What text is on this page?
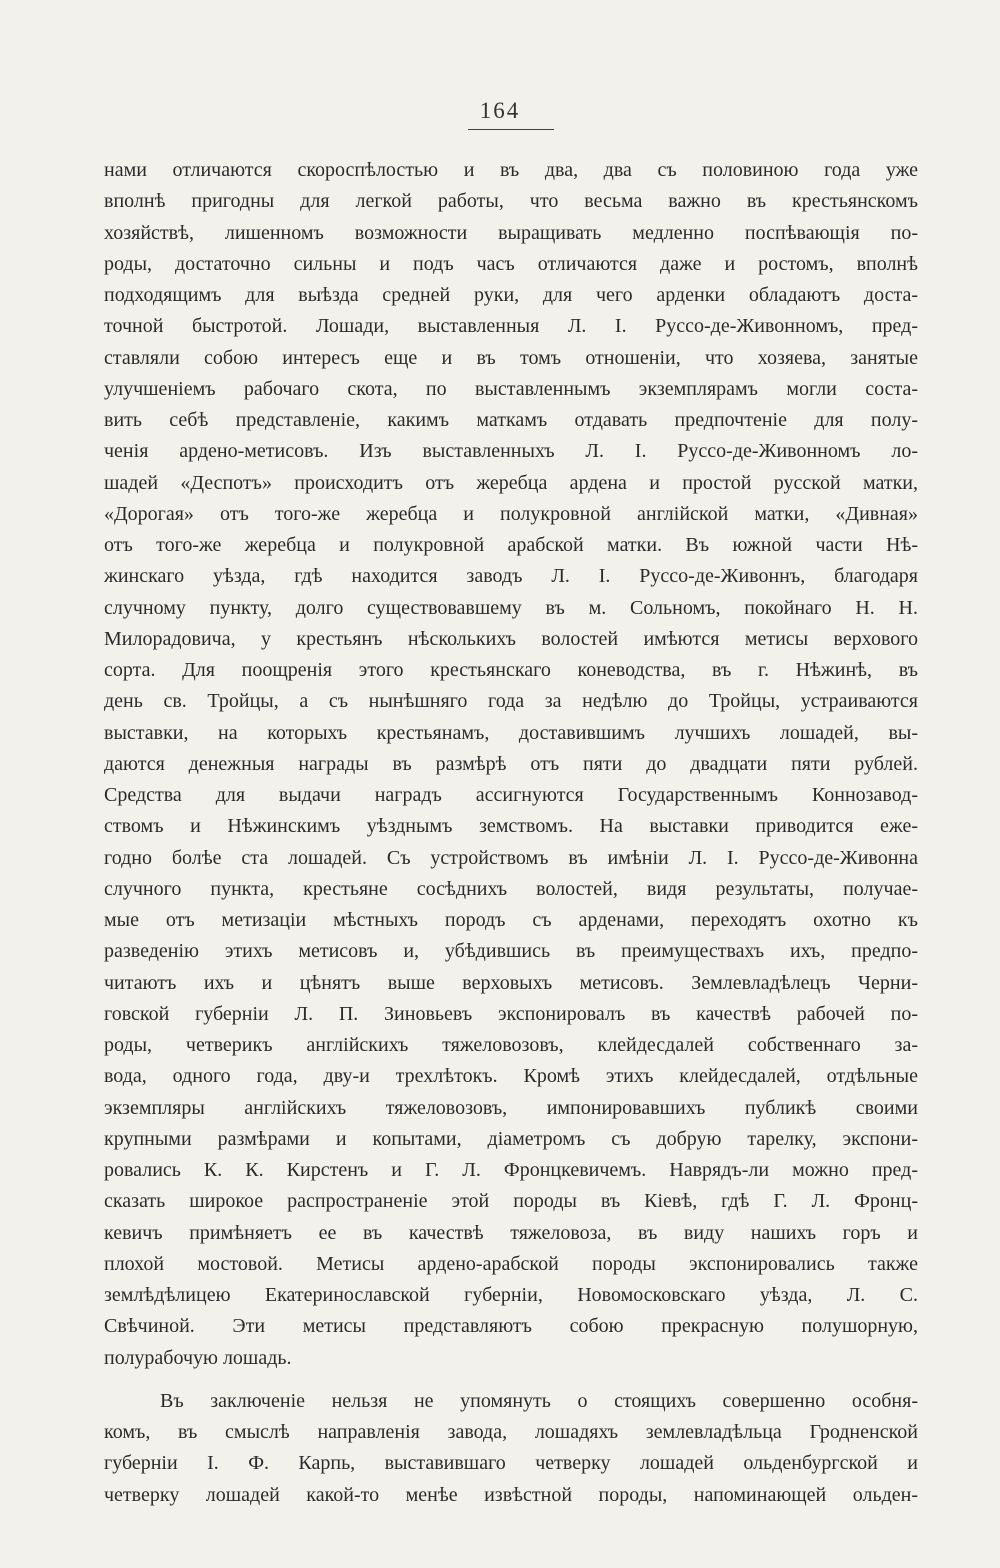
164
нами отличаются скороспѣлостью и въ два, два съ половиною года уже
вполнѣ пригодны для легкой работы, что весьма важно въ крестьянскомъ
хозяйствѣ, лишенномъ возможности выращивать медленно поспѣвающія по-
роды, достаточно сильны и подъ часъ отличаются даже и ростомъ, вполнѣ
подходящимъ для выѣзда средней руки, для чего арденки обладаютъ доста-
точной быстротой. Лошади, выставленныя Л. І. Руссо-де-Живонномъ, пред-
ставляли собою интересъ еще и въ томъ отношеніи, что хозяева, занятые
улучшеніемъ рабочаго скота, по выставленнымъ экземплярамъ могли соста-
вить себѣ представленіе, какимъ маткамъ отдавать предпочтеніе для полу-
ченія ардено-метисовъ. Изъ выставленныхъ Л. І. Руссо-де-Живонномъ ло-
шадей «Деспотъ» происходитъ отъ жеребца ардена и простой русской матки,
«Дорогая» отъ того-же жеребца и полукровной англійской матки, «Дивная»
отъ того-же жеребца и полукровной арабской матки. Въ южной части Нѣ-
жинскаго уѣзда, гдѣ находится заводъ Л. І. Руссо-де-Живоннъ, благодаря
случному пункту, долго существовавшему въ м. Сольномъ, покойнаго Н. Н.
Милорадовича, у крестьянъ нѣсколькихъ волостей имѣются метисы верхового
сорта. Для поощренія этого крестьянскаго коневодства, въ г. Нѣжинѣ, въ
день св. Тройцы, а съ нынѣшняго года за недѣлю до Тройцы, устраиваются
выставки, на которыхъ крестьянамъ, доставившимъ лучшихъ лошадей, вы-
даются денежныя награды въ размѣрѣ отъ пяти до двадцати пяти рублей.
Средства для выдачи наградъ ассигнуются Государственнымъ Коннозавод-
ствомъ и Нѣжинскимъ уѣзднымъ земствомъ. На выставки приводится еже-
годно болѣе ста лошадей. Съ устройствомъ въ имѣніи Л. І. Руссо-де-Живонна
случного пункта, крестьяне сосѣднихъ волостей, видя результаты, получае-
мые отъ метизаціи мѣстныхъ породъ съ арденами, переходятъ охотно къ
разведенію этихъ метисовъ и, убѣдившись въ преимуществахъ ихъ, предпо-
читаютъ ихъ и цѣнятъ выше верховыхъ метисовъ. Землевладѣлецъ Черни-
говской губерніи Л. П. Зиновьевъ экспонировалъ въ качествѣ рабочей по-
роды, четверикъ англійскихъ тяжеловозовъ, клейдесдалей собственнаго за-
вода, одного года, дву-и трехлѣтокъ. Кромѣ этихъ клейдесдалей, отдѣльные
экземпляры англійскихъ тяжеловозовъ, импонировавшихъ публикѣ своими
крупными размѣрами и копытами, діаметромъ съ добрую тарелку, экспони-
ровались К. К. Кирстенъ и Г. Л. Фронцкевичемъ. Наврядъ-ли можно пред-
сказать широкое распространеніе этой породы въ Кіевѣ, гдѣ Г. Л. Фронц-
кевичъ примѣняетъ ее въ качествѣ тяжеловоза, въ виду нашихъ горъ и
плохой мостовой. Метисы ардено-арабской породы экспонировались также
землѣдѣлицею Екатеринославской губерніи, Новомосковскаго уѣзда, Л. С.
Свѣчиной. Эти метисы представляютъ собою прекрасную полушорную,
полурабочую лошадь.
Въ заключеніе нельзя не упомянуть о стоящихъ совершенно особня-
комъ, въ смыслѣ направленія завода, лошадяхъ землевладѣльца Гродненской
губерніи І. Ф. Карпь, выставившаго четверку лошадей ольденбургской и
четверку лошадей какой-то менѣе извѣстной породы, напоминающей ольден-
